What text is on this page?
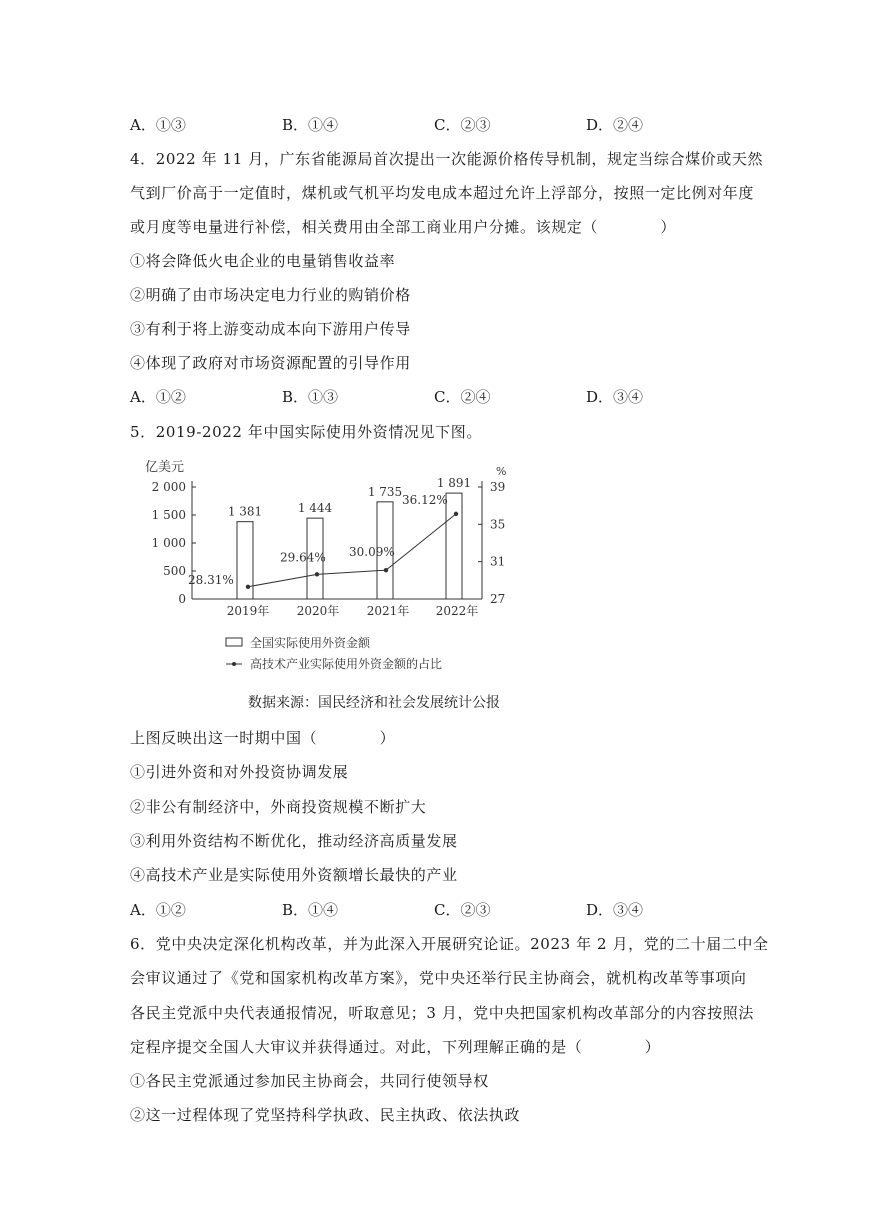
A．①③	B．①④	C．②③	D．②④
4．2022 年 11 月，广东省能源局首次提出一次能源价格传导机制，规定当综合煤价或天然
气到厂价高于一定值时，煤机或气机平均发电成本超过允许上浮部分，按照一定比例对年度
或月度等电量进行补偿，相关费用由全部工商业用户分摊。该规定（　　　　）
①将会降低火电企业的电量销售收益率
②明确了由市场决定电力行业的购销价格
③有利于将上游变动成本向下游用户传导
④体现了政府对市场资源配置的引导作用
A．①②	B．①③	C．②④	D．③④
5．2019-2022 年中国实际使用外资情况见下图。
亿美元	%
0
500
1 000
1 500
2 000
27
31
35
39
1 381	1 444
1 735
1 891
28.31%
29.64% 30.09%
36.12%
2019年 2020年 2021年 2022年
全国实际使用外资金额
高技术产业实际使用外资金额的占比
数据来源：国民经济和社会发展统计公报
上图反映出这一时期中国（　　　　）
①引进外资和对外投资协调发展
②非公有制经济中，外商投资规模不断扩大
③利用外资结构不断优化，推动经济高质量发展
④高技术产业是实际使用外资额增长最快的产业
A．①②	B．①④	C．②③	D．③④
6．党中央决定深化机构改革，并为此深入开展研究论证。2023 年 2 月，党的二十届二中全
会审议通过了《党和国家机构改革方案》，党中央还举行民主协商会，就机构改革等事项向
各民主党派中央代表通报情况，听取意见；3 月，党中央把国家机构改革部分的内容按照法
定程序提交全国人大审议并获得通过。对此，下列理解正确的是（　　　　）
①各民主党派通过参加民主协商会，共同行使领导权
②这一过程体现了党坚持科学执政、民主执政、依法执政
